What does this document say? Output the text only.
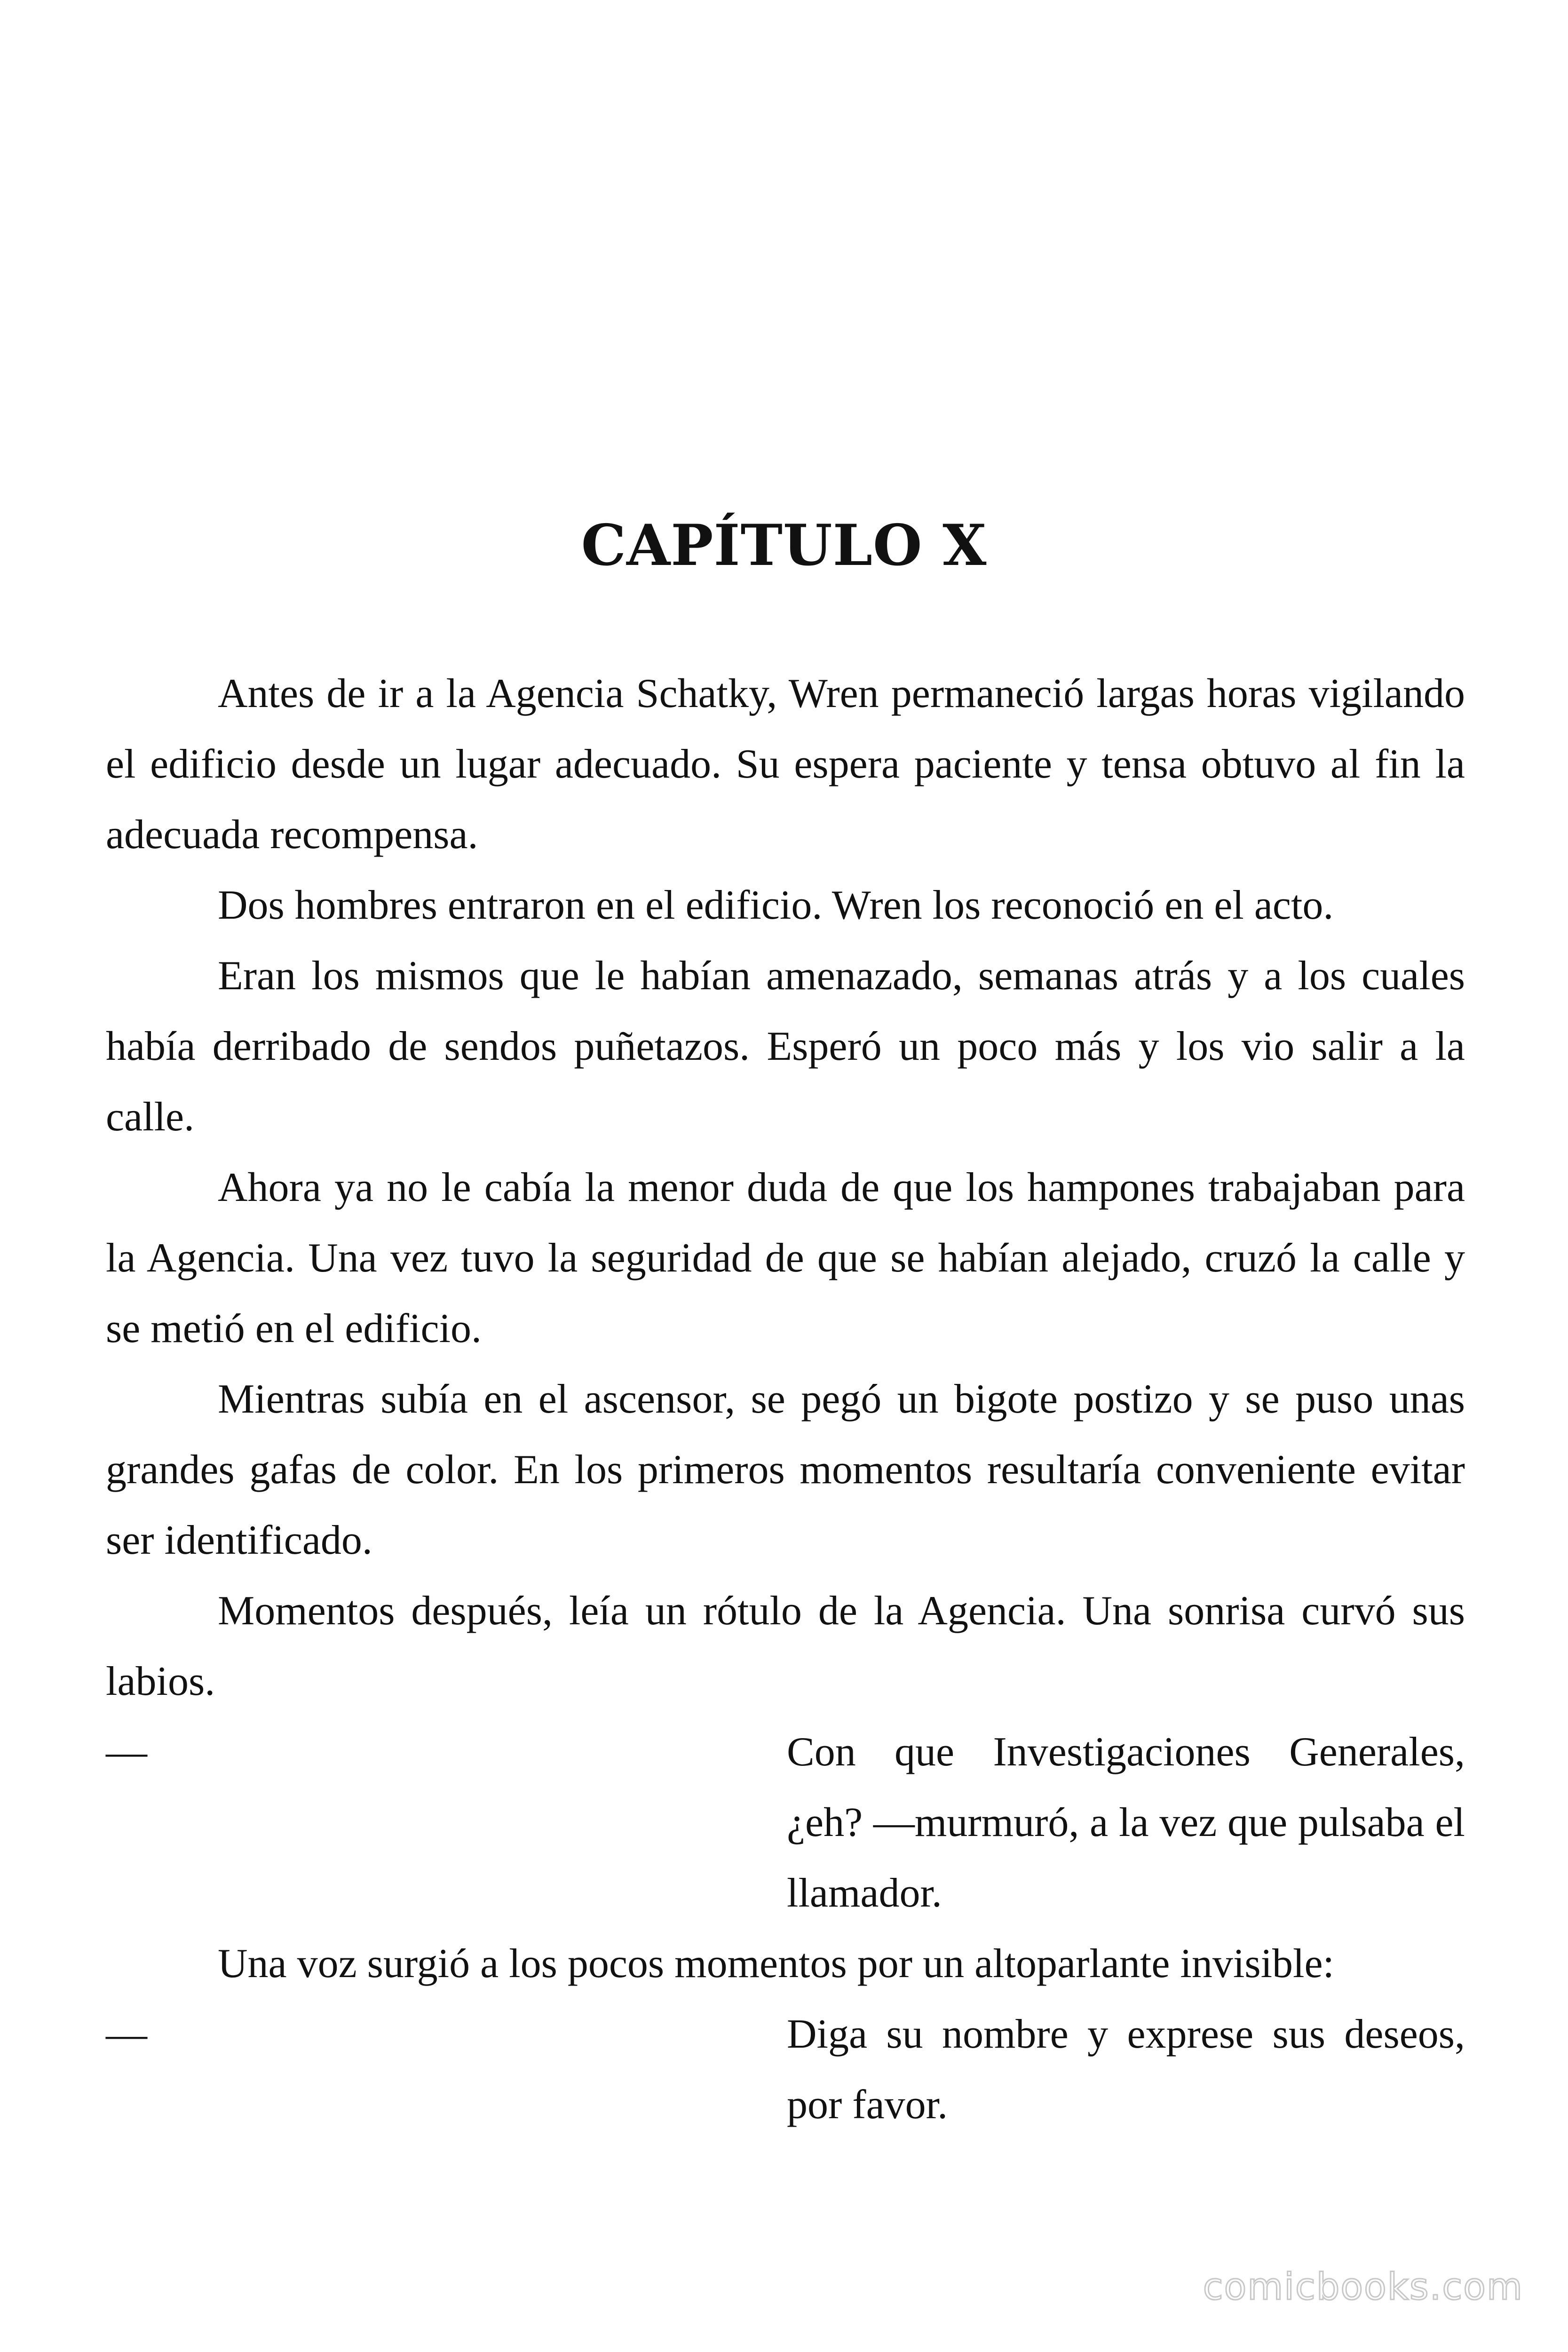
CAPÍTULO X

Antes de ir a la Agencia Schatky, Wren permaneció largas horas vigilando el edificio desde un lugar adecuado. Su espera paciente y tensa obtuvo al fin la adecuada recompensa.

Dos hombres entraron en el edificio. Wren los reconoció en el acto.

Eran los mismos que le habían amenazado, semanas atrás y a los cuales había derribado de sendos puñetazos. Esperó un poco más y los vio salir a la calle.

Ahora ya no le cabía la menor duda de que los hampones trabajaban para la Agencia. Una vez tuvo la seguridad de que se habían alejado, cruzó la calle y se metió en el edificio.

Mientras subía en el ascensor, se pegó un bigote postizo y se puso unas grandes gafas de color. En los primeros momentos resultaría conveniente evitar ser identificado.

Momentos después, leía un rótulo de la Agencia. Una sonrisa curvó sus labios.

—	Con que Investigaciones Generales, ¿eh? —murmuró, a la vez que pulsaba el llamador.

Una voz surgió a los pocos momentos por un altoparlante invisible:

—	Diga su nombre y exprese sus deseos, por favor.
comicbooks.com
